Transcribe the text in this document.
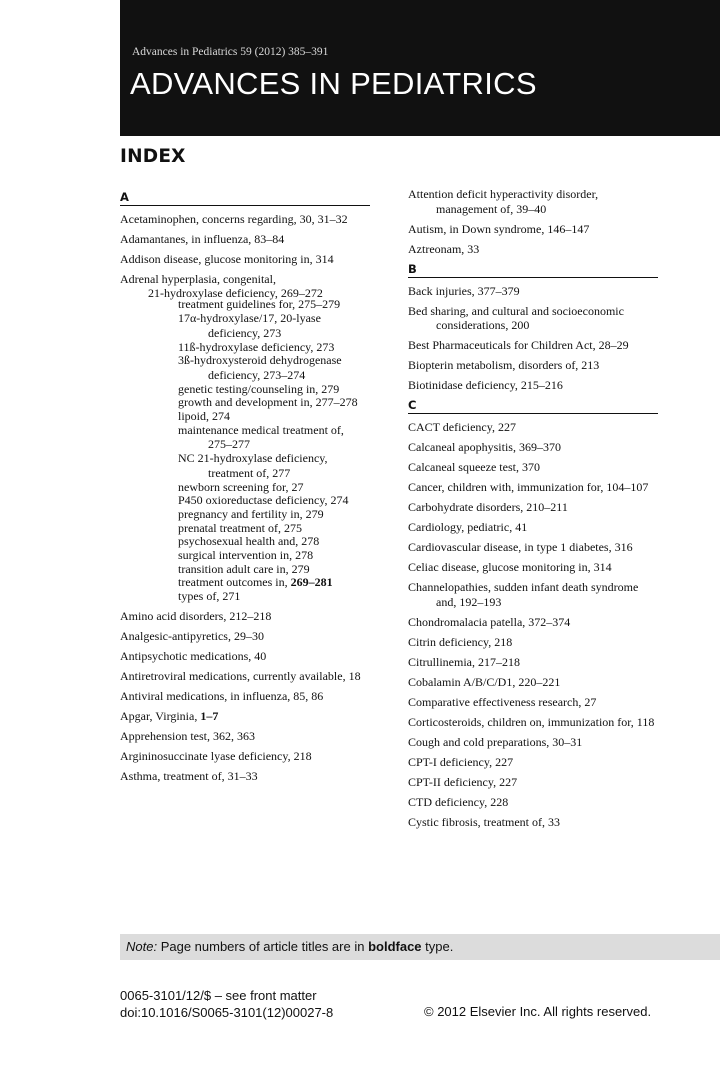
Advances in Pediatrics 59 (2012) 385–391
ADVANCES IN PEDIATRICS
INDEX
A
Acetaminophen, concerns regarding, 30, 31–32
Adamantanes, in influenza, 83–84
Addison disease, glucose monitoring in, 314
Adrenal hyperplasia, congenital,
21-hydroxylase deficiency, 269–272
treatment guidelines for, 275–279
17α-hydroxylase/17, 20-lyase deficiency, 273
11ß-hydroxylase deficiency, 273
3ß-hydroxysteroid dehydrogenase deficiency, 273–274
genetic testing/counseling in, 279
growth and development in, 277–278
lipoid, 274
maintenance medical treatment of, 275–277
NC 21-hydroxylase deficiency, treatment of, 277
newborn screening for, 27
P450 oxioreductase deficiency, 274
pregnancy and fertility in, 279
prenatal treatment of, 275
psychosexual health and, 278
surgical intervention in, 278
transition adult care in, 279
treatment outcomes in, 269–281
types of, 271
Amino acid disorders, 212–218
Analgesic-antipyretics, 29–30
Antipsychotic medications, 40
Antiretroviral medications, currently available, 18
Antiviral medications, in influenza, 85, 86
Apgar, Virginia, 1–7
Apprehension test, 362, 363
Argininosuccinate lyase deficiency, 218
Asthma, treatment of, 31–33
Attention deficit hyperactivity disorder, management of, 39–40
Autism, in Down syndrome, 146–147
Aztreonam, 33
B
Back injuries, 377–379
Bed sharing, and cultural and socioeconomic considerations, 200
Best Pharmaceuticals for Children Act, 28–29
Biopterin metabolism, disorders of, 213
Biotinidase deficiency, 215–216
C
CACT deficiency, 227
Calcaneal apophysitis, 369–370
Calcaneal squeeze test, 370
Cancer, children with, immunization for, 104–107
Carbohydrate disorders, 210–211
Cardiology, pediatric, 41
Cardiovascular disease, in type 1 diabetes, 316
Celiac disease, glucose monitoring in, 314
Channelopathies, sudden infant death syndrome and, 192–193
Chondromalacia patella, 372–374
Citrin deficiency, 218
Citrullinemia, 217–218
Cobalamin A/B/C/D1, 220–221
Comparative effectiveness research, 27
Corticosteroids, children on, immunization for, 118
Cough and cold preparations, 30–31
CPT-I deficiency, 227
CPT-II deficiency, 227
CTD deficiency, 228
Cystic fibrosis, treatment of, 33
Note: Page numbers of article titles are in boldface type.
0065-3101/12/$ – see front matter
doi:10.1016/S0065-3101(12)00027-8	© 2012 Elsevier Inc. All rights reserved.
